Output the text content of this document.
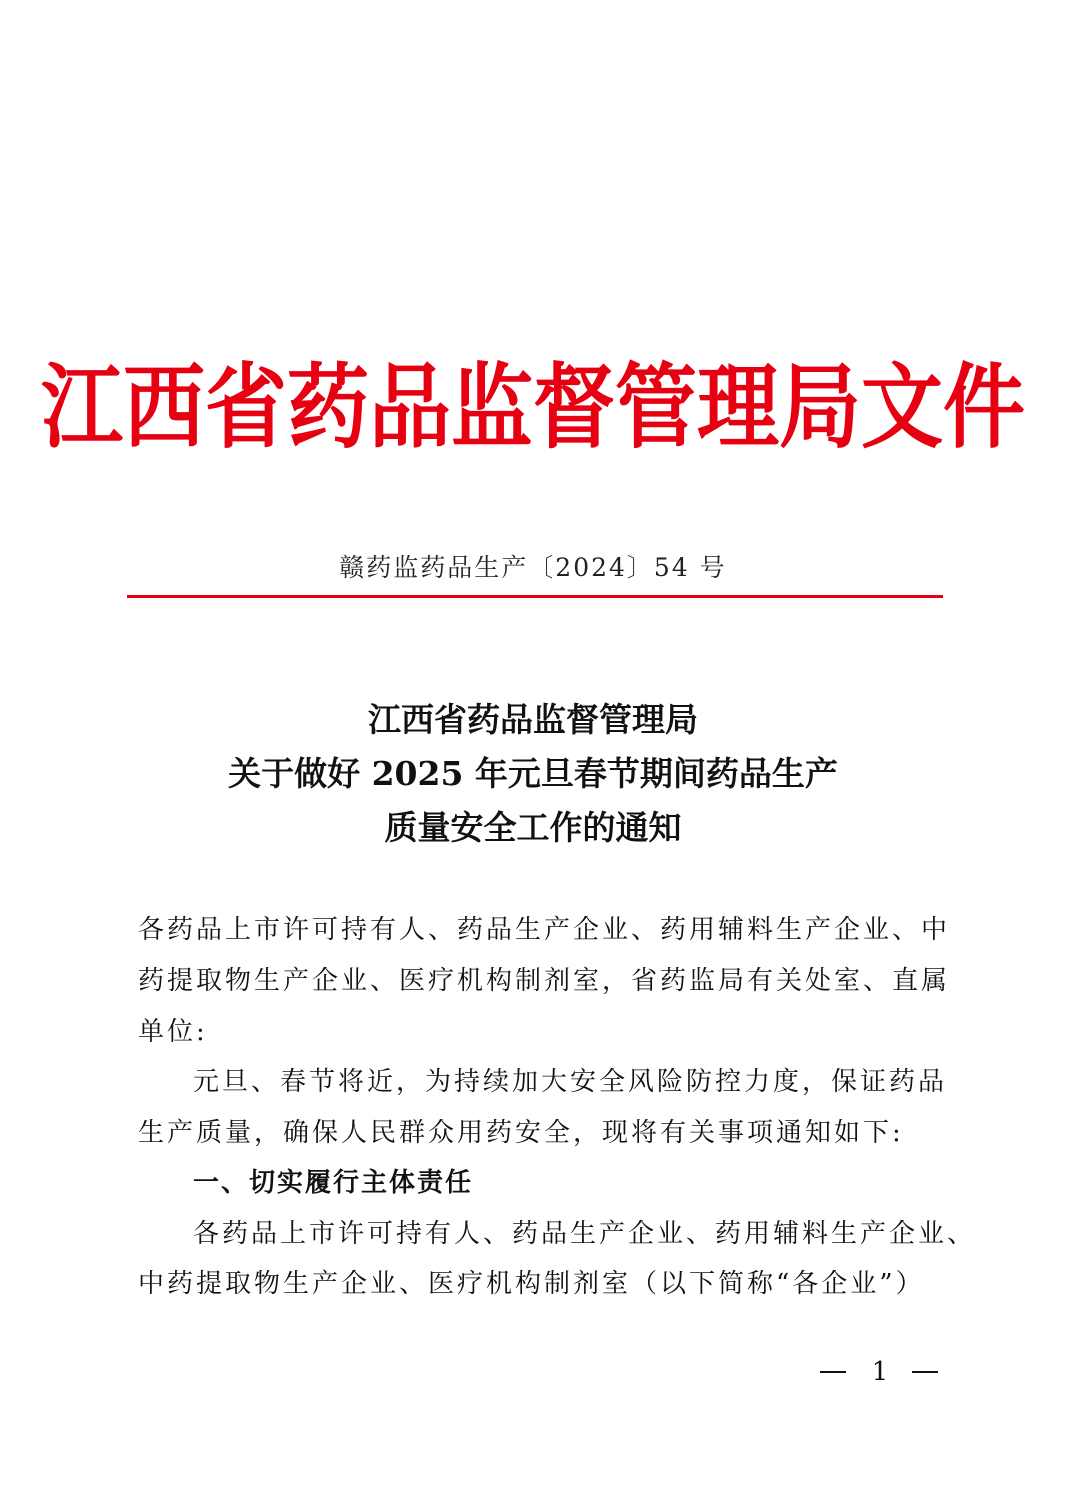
江西省药品监督管理局文件
赣药监药品生产〔2024〕54 号
江西省药品监督管理局
关于做好 2025 年元旦春节期间药品生产
质量安全工作的通知
各药品上市许可持有人、药品生产企业、药用辅料生产企业、中
药提取物生产企业、医疗机构制剂室，省药监局有关处室、直属
单位:
元旦、春节将近，为持续加大安全风险防控力度，保证药品
生产质量，确保人民群众用药安全，现将有关事项通知如下:
一、切实履行主体责任
各药品上市许可持有人、药品生产企业、药用辅料生产企业、
中药提取物生产企业、医疗机构制剂室（以下简称“各企业”）
1
